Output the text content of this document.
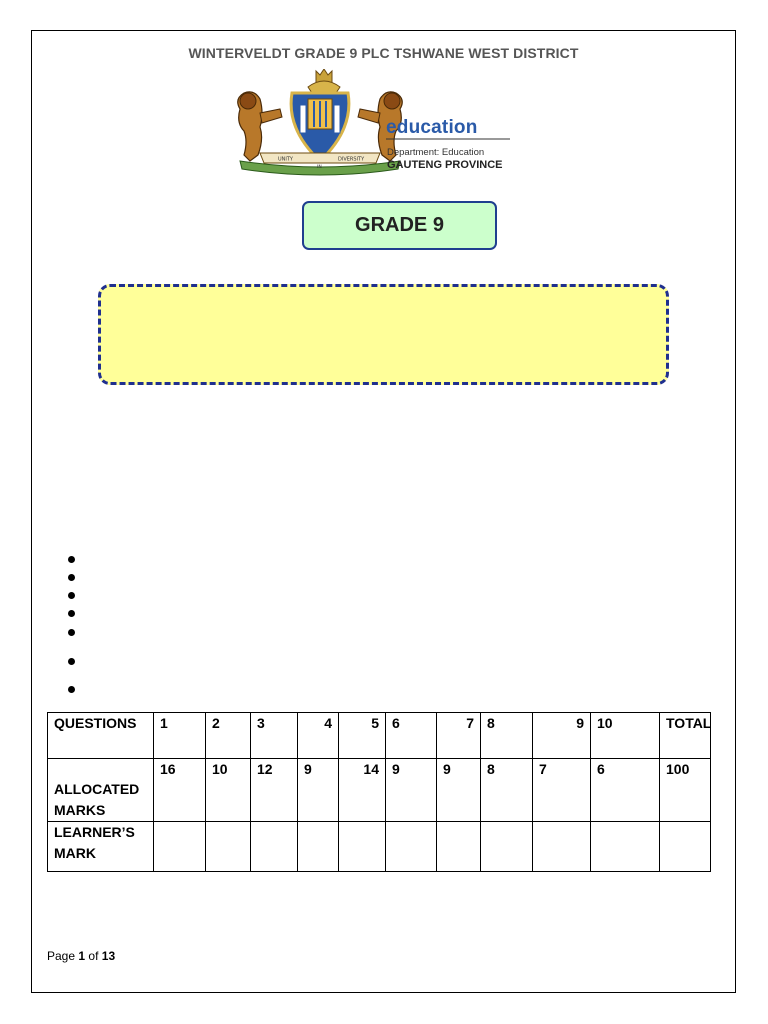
WINTERVELDT GRADE 9 PLC TSHWANE WEST DISTRICT
UNITY
IN
DIVERSITY
education
Department: Education
GAUTENG PROVINCE
GRADE 9
QUESTIONS	1	2	3	4	5	6	7	8	9	10	TOTAL
ALLOCATED
MARKS	16	10	12	9	14	9	9	8	7	6	100
LEARNER’S
MARK											
Page 1 of 13
